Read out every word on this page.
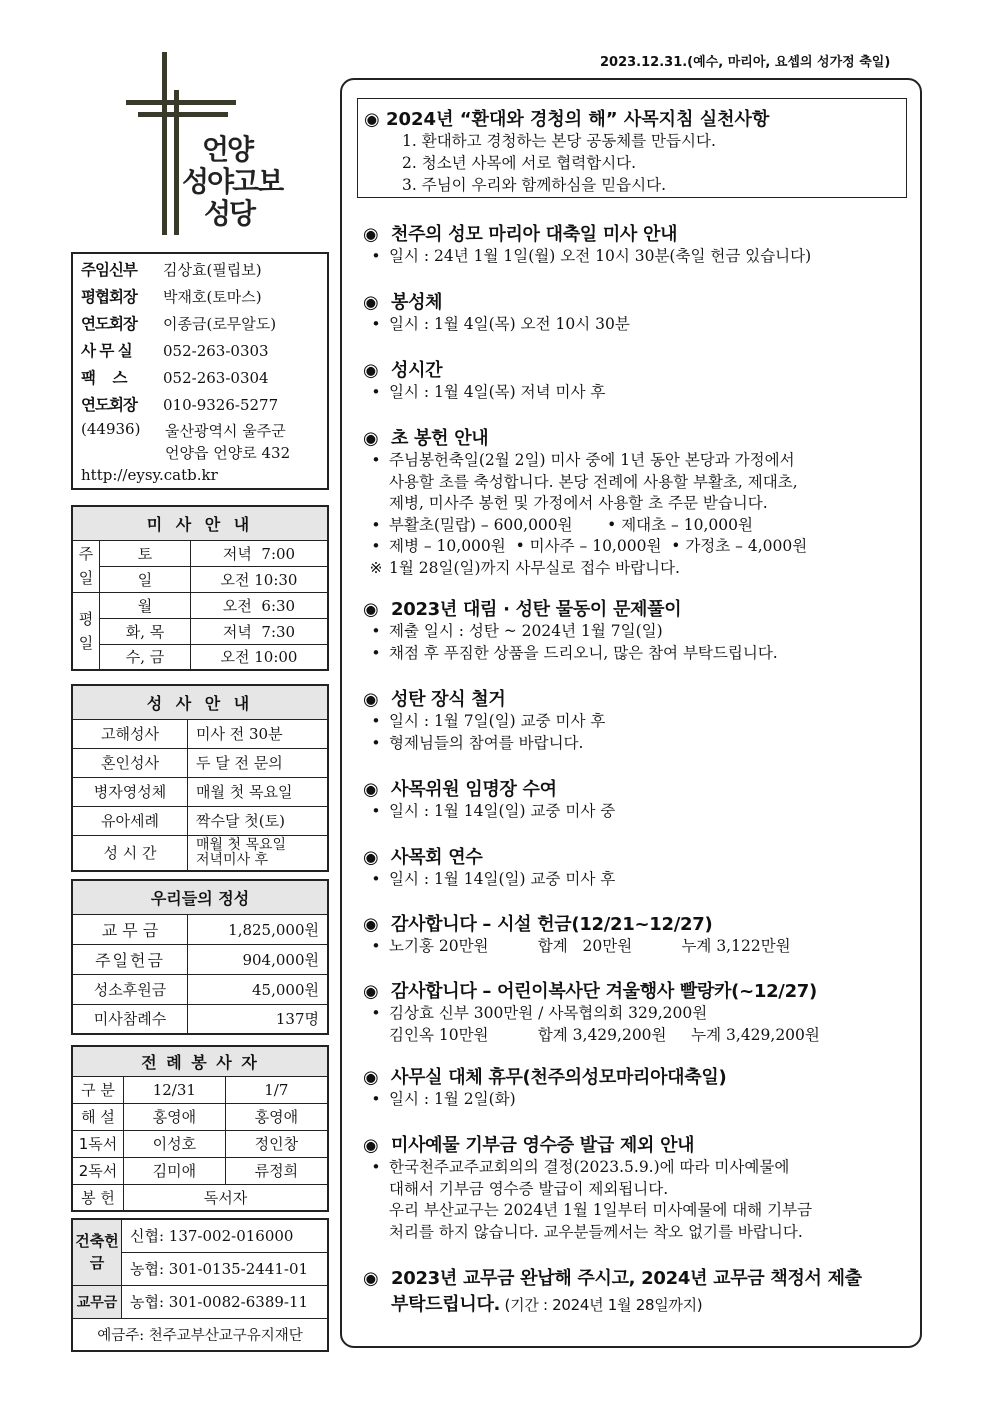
2023.12.31.(예수, 마리아, 요셉의 성가정 축일)
언양
성야고보
성당
주임신부 김상효(필립보)
평협회장 박재호(토마스)
연도회장 이종금(로무알도)
사 무 실 052-263-0303
팩    스 052-263-0304
연도회장 010-9326-5277
(44936) 울산광역시 울주군
언양읍 언양로 432
http://eysy.catb.kr
미 사 안 내		
주일	토	저녁  7:00
	일	오전 10:30
평일	월	오전  6:30
	화, 목	저녁  7:30
	수, 금	오전 10:00
성 사 안 내	
고해성사	미사 전 30분
혼인성사	두 달 전 문의
병자영성체	매월 첫 목요일
유아세례	짝수달 첫(토)
성 시 간	매월 첫 목요일
저녁미사 후
우리들의 정성	
교 무 금	1,825,000원
주일헌금	904,000원
성소후원금	45,000원
미사참례수	137명
전 례 봉 사 자		
구 분	12/31	1/7
해 설	홍영애	홍영애
1독서	이성호	정인창
2독서	김미애	류정희
봉 헌	독서자	
건축헌금	신협: 137-002-016000
	농협: 301-0135-2441-01
교무금	농협: 301-0082-6389-11
예금주: 천주교부산교구유지재단	
◉ 2024년 “환대와 경청의 해” 사목지침 실천사항
1. 환대하고 경청하는 본당 공동체를 만듭시다.
2. 청소년 사목에 서로 협력합시다.
3. 주님이 우리와 함께하심을 믿읍시다.
◉ 천주의 성모 마리아 대축일 미사 안내
• 일시 : 24년 1월 1일(월) 오전 10시 30분(축일 헌금 있습니다)
◉ 봉성체
• 일시 : 1월 4일(목) 오전 10시 30분
◉ 성시간
• 일시 : 1월 4일(목) 저녁 미사 후
◉ 초 봉헌 안내
• 주님봉헌축일(2월 2일) 미사 중에 1년 동안 본당과 가정에서
사용할 초를 축성합니다. 본당 전례에 사용할 부활초, 제대초,
제병, 미사주 봉헌 및 가정에서 사용할 초 주문 받습니다.
• 부활초(밀랍) – 600,000원       • 제대초 – 10,000원
• 제병 – 10,000원  • 미사주 – 10,000원  • 가정초 – 4,000원
※ 1월 28일(일)까지 사무실로 접수 바랍니다.
◉ 2023년 대림 · 성탄 물동이 문제풀이
• 제출 일시 : 성탄 ~ 2024년 1월 7일(일)
• 채점 후 푸짐한 상품을 드리오니, 많은 참여 부탁드립니다.
◉ 성탄 장식 철거
• 일시 : 1월 7일(일) 교중 미사 후
• 형제님들의 참여를 바랍니다.
◉ 사목위원 임명장 수여
• 일시 : 1월 14일(일) 교중 미사 중
◉ 사목회 연수
• 일시 : 1월 14일(일) 교중 미사 후
◉ 감사합니다 – 시설 헌금(12/21~12/27)
• 노기홍 20만원          합계   20만원          누계 3,122만원
◉ 감사합니다 – 어린이복사단 겨울행사 빨랑카(~12/27)
• 김상효 신부 300만원 / 사목협의회 329,200원
김인옥 10만원          합계 3,429,200원     누계 3,429,200원
◉ 사무실 대체 휴무(천주의성모마리아대축일)
• 일시 : 1월 2일(화)
◉ 미사예물 기부금 영수증 발급 제외 안내
• 한국천주교주교회의의 결정(2023.5.9.)에 따라 미사예물에
대해서 기부금 영수증 발급이 제외됩니다.
우리 부산교구는 2024년 1월 1일부터 미사예물에 대해 기부금
처리를 하지 않습니다. 교우분들께서는 착오 없기를 바랍니다.
◉ 2023년 교무금 완납해 주시고, 2024년 교무금 책정서 제출
부탁드립니다. (기간 : 2024년 1월 28일까지)
